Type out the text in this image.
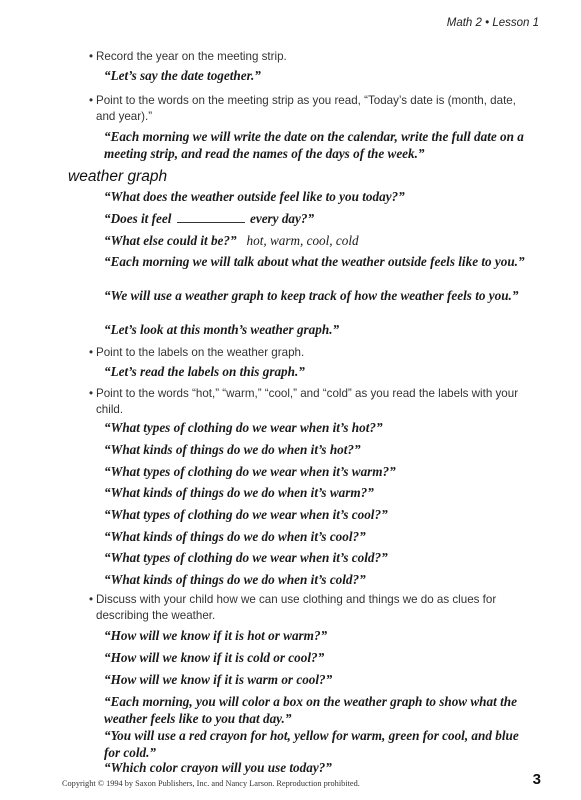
Math 2 • Lesson 1
• Record the year on the meeting strip.
“Let’s say the date together.”
• Point to the words on the meeting strip as you read, “Today’s date is (month, date, and year).”
“Each morning we will write the date on the calendar, write the full date on a meeting strip, and read the names of the days of the week.”
weather graph
“What does the weather outside feel like to you today?”
“Does it feel	every day?”
“What else could it be?” hot, warm, cool, cold
“Each morning we will talk about what the weather outside feels like to you.”
“We will use a weather graph to keep track of how the weather feels to you.”
“Let’s look at this month’s weather graph.”
• Point to the labels on the weather graph.
“Let’s read the labels on this graph.”
• Point to the words “hot,” “warm,” “cool,” and “cold” as you read the labels with your child.
“What types of clothing do we wear when it’s hot?”
“What kinds of things do we do when it’s hot?”
“What types of clothing do we wear when it’s warm?”
“What kinds of things do we do when it’s warm?”
“What types of clothing do we wear when it’s cool?”
“What kinds of things do we do when it’s cool?”
“What types of clothing do we wear when it’s cold?”
“What kinds of things do we do when it’s cold?”
• Discuss with your child how we can use clothing and things we do as clues for describing the weather.
“How will we know if it is hot or warm?”
“How will we know if it is cold or cool?”
“How will we know if it is warm or cool?”
“Each morning, you will color a box on the weather graph to show what the weather feels like to you that day.”
“You will use a red crayon for hot, yellow for warm, green for cool, and blue for cold.”
“Which color crayon will you use today?”
Copyright © 1994 by Saxon Publishers, Inc. and Nancy Larson. Reproduction prohibited.	3
